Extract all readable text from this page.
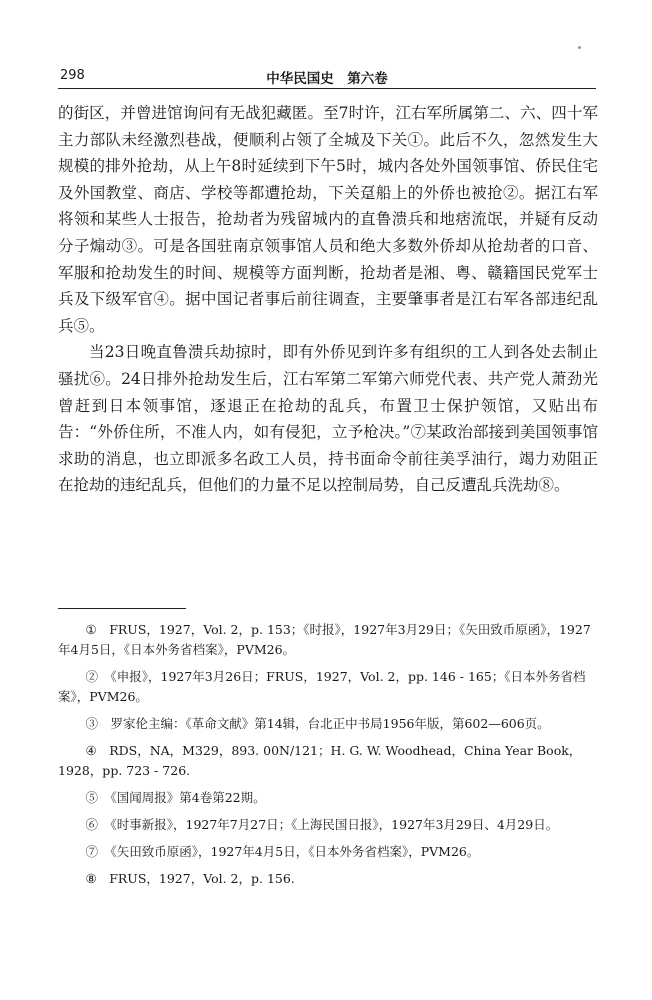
298	中华民国史　第六卷

的街区，并曾进馆询问有无战犯藏匿。至7时许，江右军所属第二、六、四十军主力部队未经激烈巷战，便顺利占领了全城及下关①。此后不久，忽然发生大规模的排外抢劫，从上午8时延续到下午5时，城内各处外国领事馆、侨民住宅及外国教堂、商店、学校等都遭抢劫，下关趸船上的外侨也被抢②。据江右军将领和某些人士报告，抢劫者为残留城内的直鲁溃兵和地痞流氓，并疑有反动分子煽动③。可是各国驻南京领事馆人员和绝大多数外侨却从抢劫者的口音、军服和抢劫发生的时间、规模等方面判断，抢劫者是湘、粤、赣籍国民党军士兵及下级军官④。据中国记者事后前往调查，主要肇事者是江右军各部违纪乱兵⑤。

当23日晚直鲁溃兵劫掠时，即有外侨见到许多有组织的工人到各处去制止骚扰⑥。24日排外抢劫发生后，江右军第二军第六师党代表、共产党人萧劲光曾赶到日本领事馆，逐退正在抢劫的乱兵，布置卫士保护领馆，又贴出布告：“外侨住所，不准人内，如有侵犯，立予枪决。”⑦某政治部接到美国领事馆求助的消息，也立即派多名政工人员，持书面命令前往美孚油行，竭力劝阻正在抢劫的违纪乱兵，但他们的力量不足以控制局势，自己反遭乱兵洗劫⑧。

①　FRUS，1927，Vol. 2，p. 153；《时报》，1927年3月29日；《矢田致币原函》，1927年4月5日，《日本外务省档案》，PVM26。

②　《申报》，1927年3月26日；FRUS，1927，Vol. 2，pp. 146 - 165；《日本外务省档案》，PVM26。

③　罗家伦主编：《革命文献》第14辑，台北正中书局1956年版，第602—606页。

④　RDS，NA，M329，893. 00N/121；H. G. W. Woodhead，China Year Book，1928，pp. 723 - 726.

⑤　《国闻周报》第4卷第22期。

⑥　《时事新报》，1927年7月27日；《上海民国日报》，1927年3月29日、4月29日。

⑦　《矢田致币原函》，1927年4月5日，《日本外务省档案》，PVM26。

⑧　FRUS，1927，Vol. 2，p. 156.
